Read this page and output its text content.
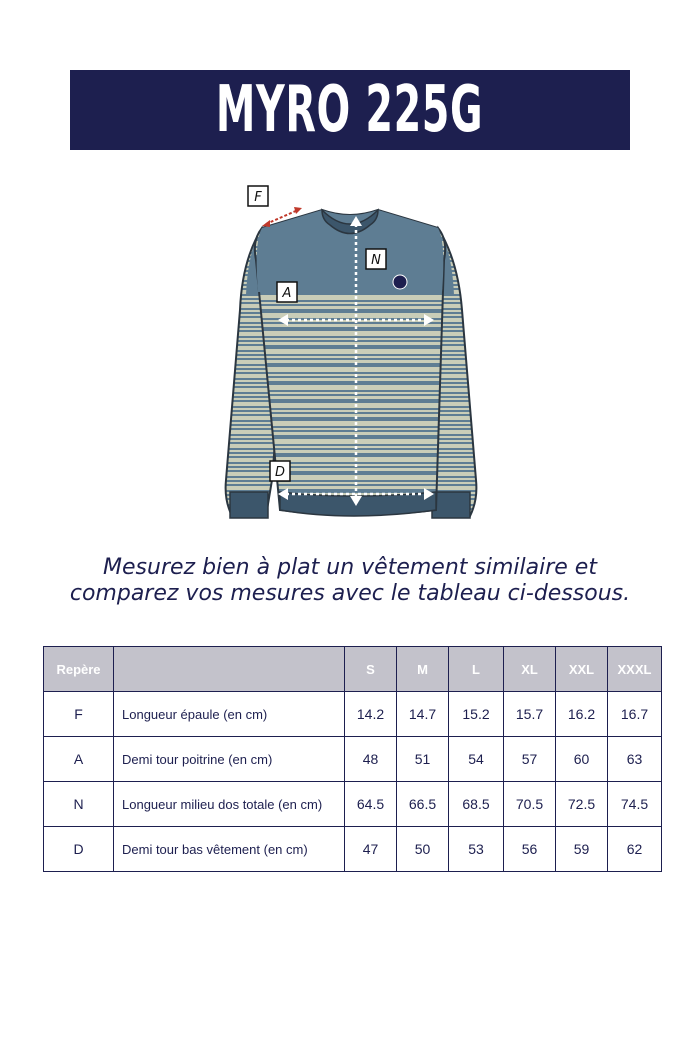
MYRO 225G
F
N
A
D
Mesurez bien à plat un vêtement similaire et
comparez vos mesures avec le tableau ci-dessous.
Repère		S	M	L	XL	XXL	XXXL
F	Longueur épaule (en cm)	14.2	14.7	15.2	15.7	16.2	16.7
A	Demi tour poitrine (en cm)	48	51	54	57	60	63
N	Longueur milieu dos totale (en cm)	64.5	66.5	68.5	70.5	72.5	74.5
D	Demi tour bas vêtement (en cm)	47	50	53	56	59	62
